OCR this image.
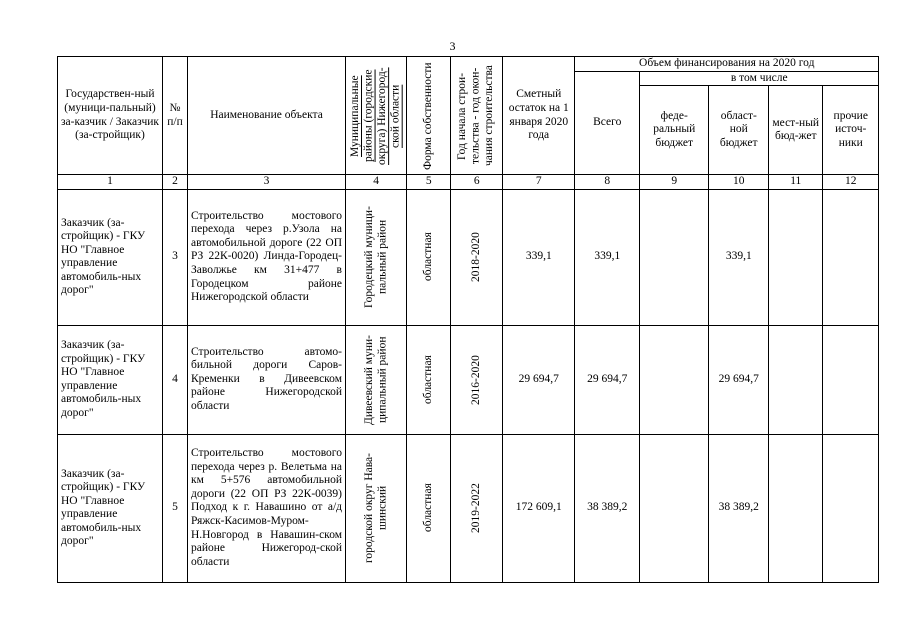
3
Государствен-ный (муници-пальный) за-казчик / Заказчик (за-стройщик)	№ п/п	Наименование объекта	Муниципальные районы (городские округа) Нижегород-ской области	Форма собственности	Год начала строи-тельства - год окон-чания строительства	Сметный остаток на 1 января 2020 года	Объем финансирования на 2020 год				
							Всего	в том числе			
								феде-ральный бюджет	област-ной бюджет	мест-ный бюд-жет	прочие источ-ники
1	2	3	4	5	6	7	8	9	10	11	12
Заказчик (за-стройщик) - ГКУ НО "Главное управление автомобиль-ных дорог"	3	Строительство мостового перехода через р.Узола на автомобильной дороге (22 ОП РЗ 22К-0020) Линда-Городец-Заволжье км 31+477 в Городецком районе Нижегородской области	Городецкий муници-пальный район	областная	2018-2020	339,1	339,1		339,1		
Заказчик (за-стройщик) - ГКУ НО "Главное управление автомобиль-ных дорог"	4	Строительство автомо-бильной дороги Саров-Кременки в Дивеевском районе Нижегородской области	Дивеевский муни-ципальный район	областная	2016-2020	29 694,7	29 694,7		29 694,7		
Заказчик (за-стройщик) - ГКУ НО "Главное управление автомобиль-ных дорог"	5	Строительство мостового перехода через р. Велетьма на км 5+576 автомобильной дороги (22 ОП РЗ 22К-0039) Подход к г. Навашино от а/д Ряжск-Касимов-Муром-Н.Новгород в Навашин-ском районе Нижегород-ской области	городской округ Нава-шинский	областная	2019-2022	172 609,1	38 389,2		38 389,2		
